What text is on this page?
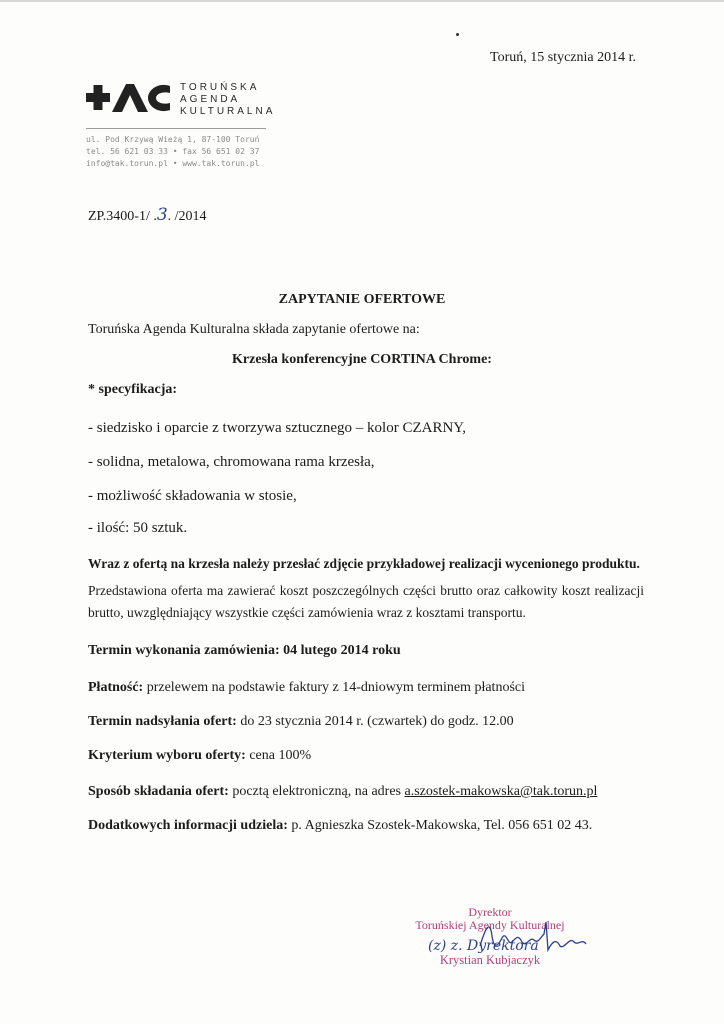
Toruń, 15 stycznia 2014 r.
TORUŃSKA
AGENDA
KULTURALNA
ul. Pod Krzywą Wieżą 1, 87-100 Toruń
tel. 56 621 03 33 • fax 56 651 02 37
info@tak.torun.pl • www.tak.torun.pl
ZP.3400-1/ .3. /2014
ZAPYTANIE OFERTOWE
Toruńska Agenda Kulturalna składa zapytanie ofertowe na:
Krzesła konferencyjne CORTINA Chrome:
* specyfikacja:
- siedzisko i oparcie z tworzywa sztucznego – kolor CZARNY,
- solidna, metalowa, chromowana rama krzesła,
- możliwość składowania w stosie,
- ilość: 50 sztuk.
Wraz z ofertą na krzesła należy przesłać zdjęcie przykładowej realizacji wycenionego produktu.
Przedstawiona oferta ma zawierać koszt poszczególnych części brutto oraz całkowity koszt realizacji brutto, uwzględniający wszystkie części zamówienia wraz z kosztami transportu.
Termin wykonania zamówienia: 04 lutego 2014 roku
Płatność: przelewem na podstawie faktury z 14-dniowym terminem płatności
Termin nadsyłania ofert: do 23 stycznia 2014 r. (czwartek) do godz. 12.00
Kryterium wyboru oferty: cena 100%
Sposób składania ofert: pocztą elektroniczną, na adres a.szostek-makowska@tak.torun.pl
Dodatkowych informacji udziela: p. Agnieszka Szostek-Makowska, Tel. 056 651 02 43.
Dyrektor
Toruńskiej Agendy Kulturalnej
Krystian Kubjaczyk
(z) z. Dyrektora
